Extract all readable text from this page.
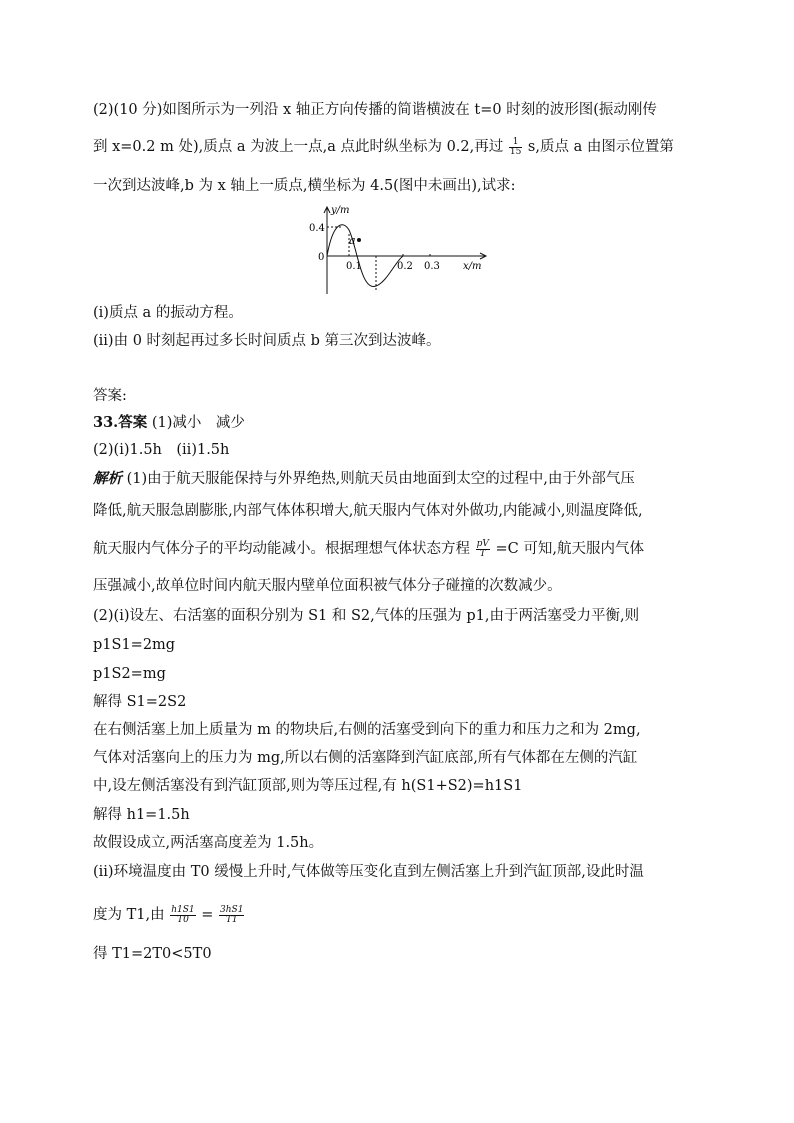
(2)(10 分)如图所示为一列沿 x 轴正方向传播的简谐横波在 t=0 时刻的波形图(振动刚传
到 x=0.2 m 处),质点 a 为波上一点,a 点此时纵坐标为 0.2,再过 $\frac{1}{15} s$,质点 a 由图示位置第
一次到达波峰,b 为 x 轴上一质点,横坐标为 4.5(图中未画出),试求:
a
y/m
0.4
0
0.1	0.2 0.3 x/m
(ⅰ)质点 a 的振动方程。
(ⅱ)由 0 时刻起再过多长时间质点 b 第三次到达波峰。
答案:
33.答案 (1)减小　减少
(2)(ⅰ)1.5h　(ⅱ)1.5h
解析 (1)由于航天服能保持与外界绝热,则航天员由地面到太空的过程中,由于外部气压
降低,航天服急剧膨胀,内部气体体积增大,航天服内气体对外做功,内能减小,则温度降低,
航天服内气体分子的平均动能减小。根据理想气体状态方程 $\frac{pV}{T} =C$ 可知,航天服内气体
压强减小,故单位时间内航天服内壁单位面积被气体分子碰撞的次数减少。
(2)(ⅰ)设左、右活塞的面积分别为 S1 和 S2,气体的压强为 p1,由于两活塞受力平衡,则
p1S1=2mg
p1S2=mg
解得 S1=2S2
在右侧活塞上加上质量为 m 的物块后,右侧的活塞受到向下的重力和压力之和为 2mg,
气体对活塞向上的压力为 mg,所以右侧的活塞降到汽缸底部,所有气体都在左侧的汽缸
中,设左侧活塞没有到汽缸顶部,则为等压过程,有 h(S1+S2)=h1S1
解得 h1=1.5h
故假设成立,两活塞高度差为 1.5h。
(ⅱ)环境温度由 T0 缓慢上升时,气体做等压变化直到左侧活塞上升到汽缸顶部,设此时温
度为 T1,由 $\frac{h1S1}{T0} = \frac{3hS1}{T1}$
得 T1=2T0<5T0
